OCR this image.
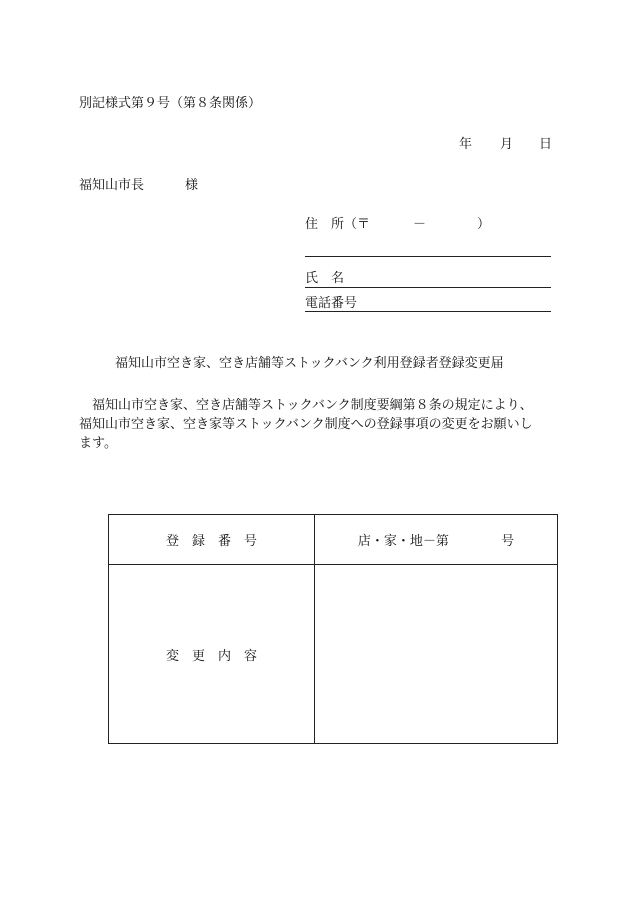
別記様式第９号（第８条関係）
年 月 日
福知山市長	様
住　所（〒	－	）
氏　名
電話番号
福知山市空き家、空き店舗等ストックバンク利用登録者登録変更届
福知山市空き家、空き店舗等ストックバンク制度要綱第８条の規定により、
福知山市空き家、空き家等ストックバンク制度への登録事項の変更をお願いし
ます。
登録番号	店・家・地－第 号
変更内容	
